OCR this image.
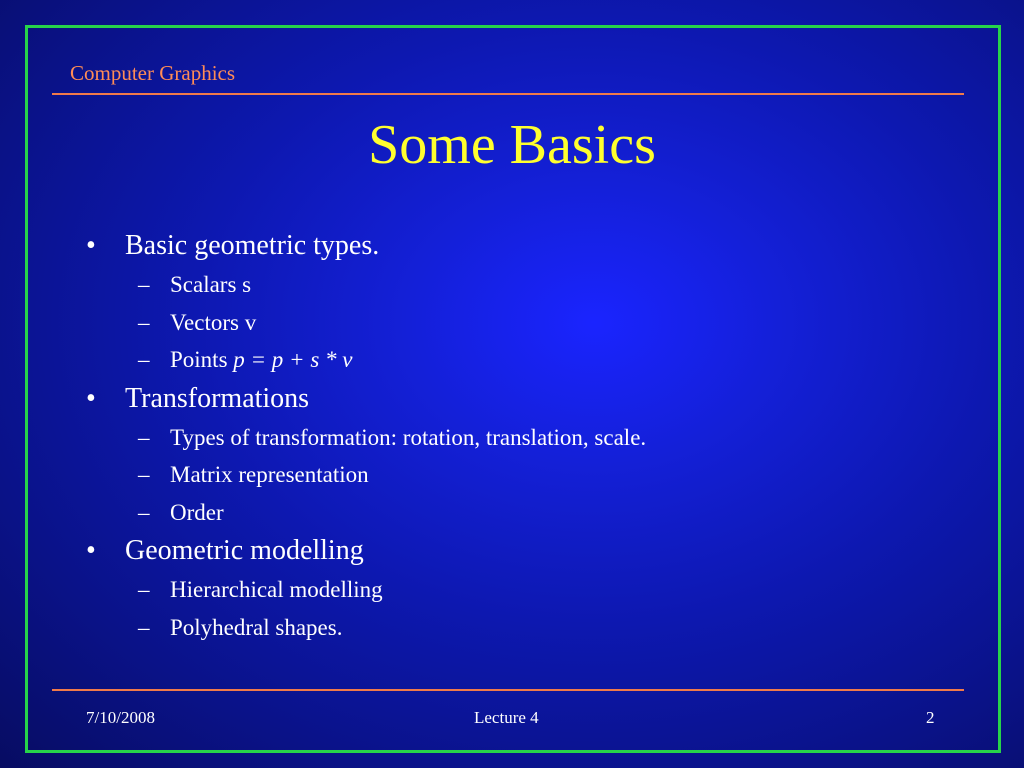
Computer Graphics
Some Basics
• Basic geometric types.
– Scalars s
– Vectors v
– Points p = p + s * v
• Transformations
– Types of transformation: rotation, translation, scale.
– Matrix representation
– Order
• Geometric modelling
– Hierarchical modelling
– Polyhedral shapes.
7/10/2008	Lecture 4	2
